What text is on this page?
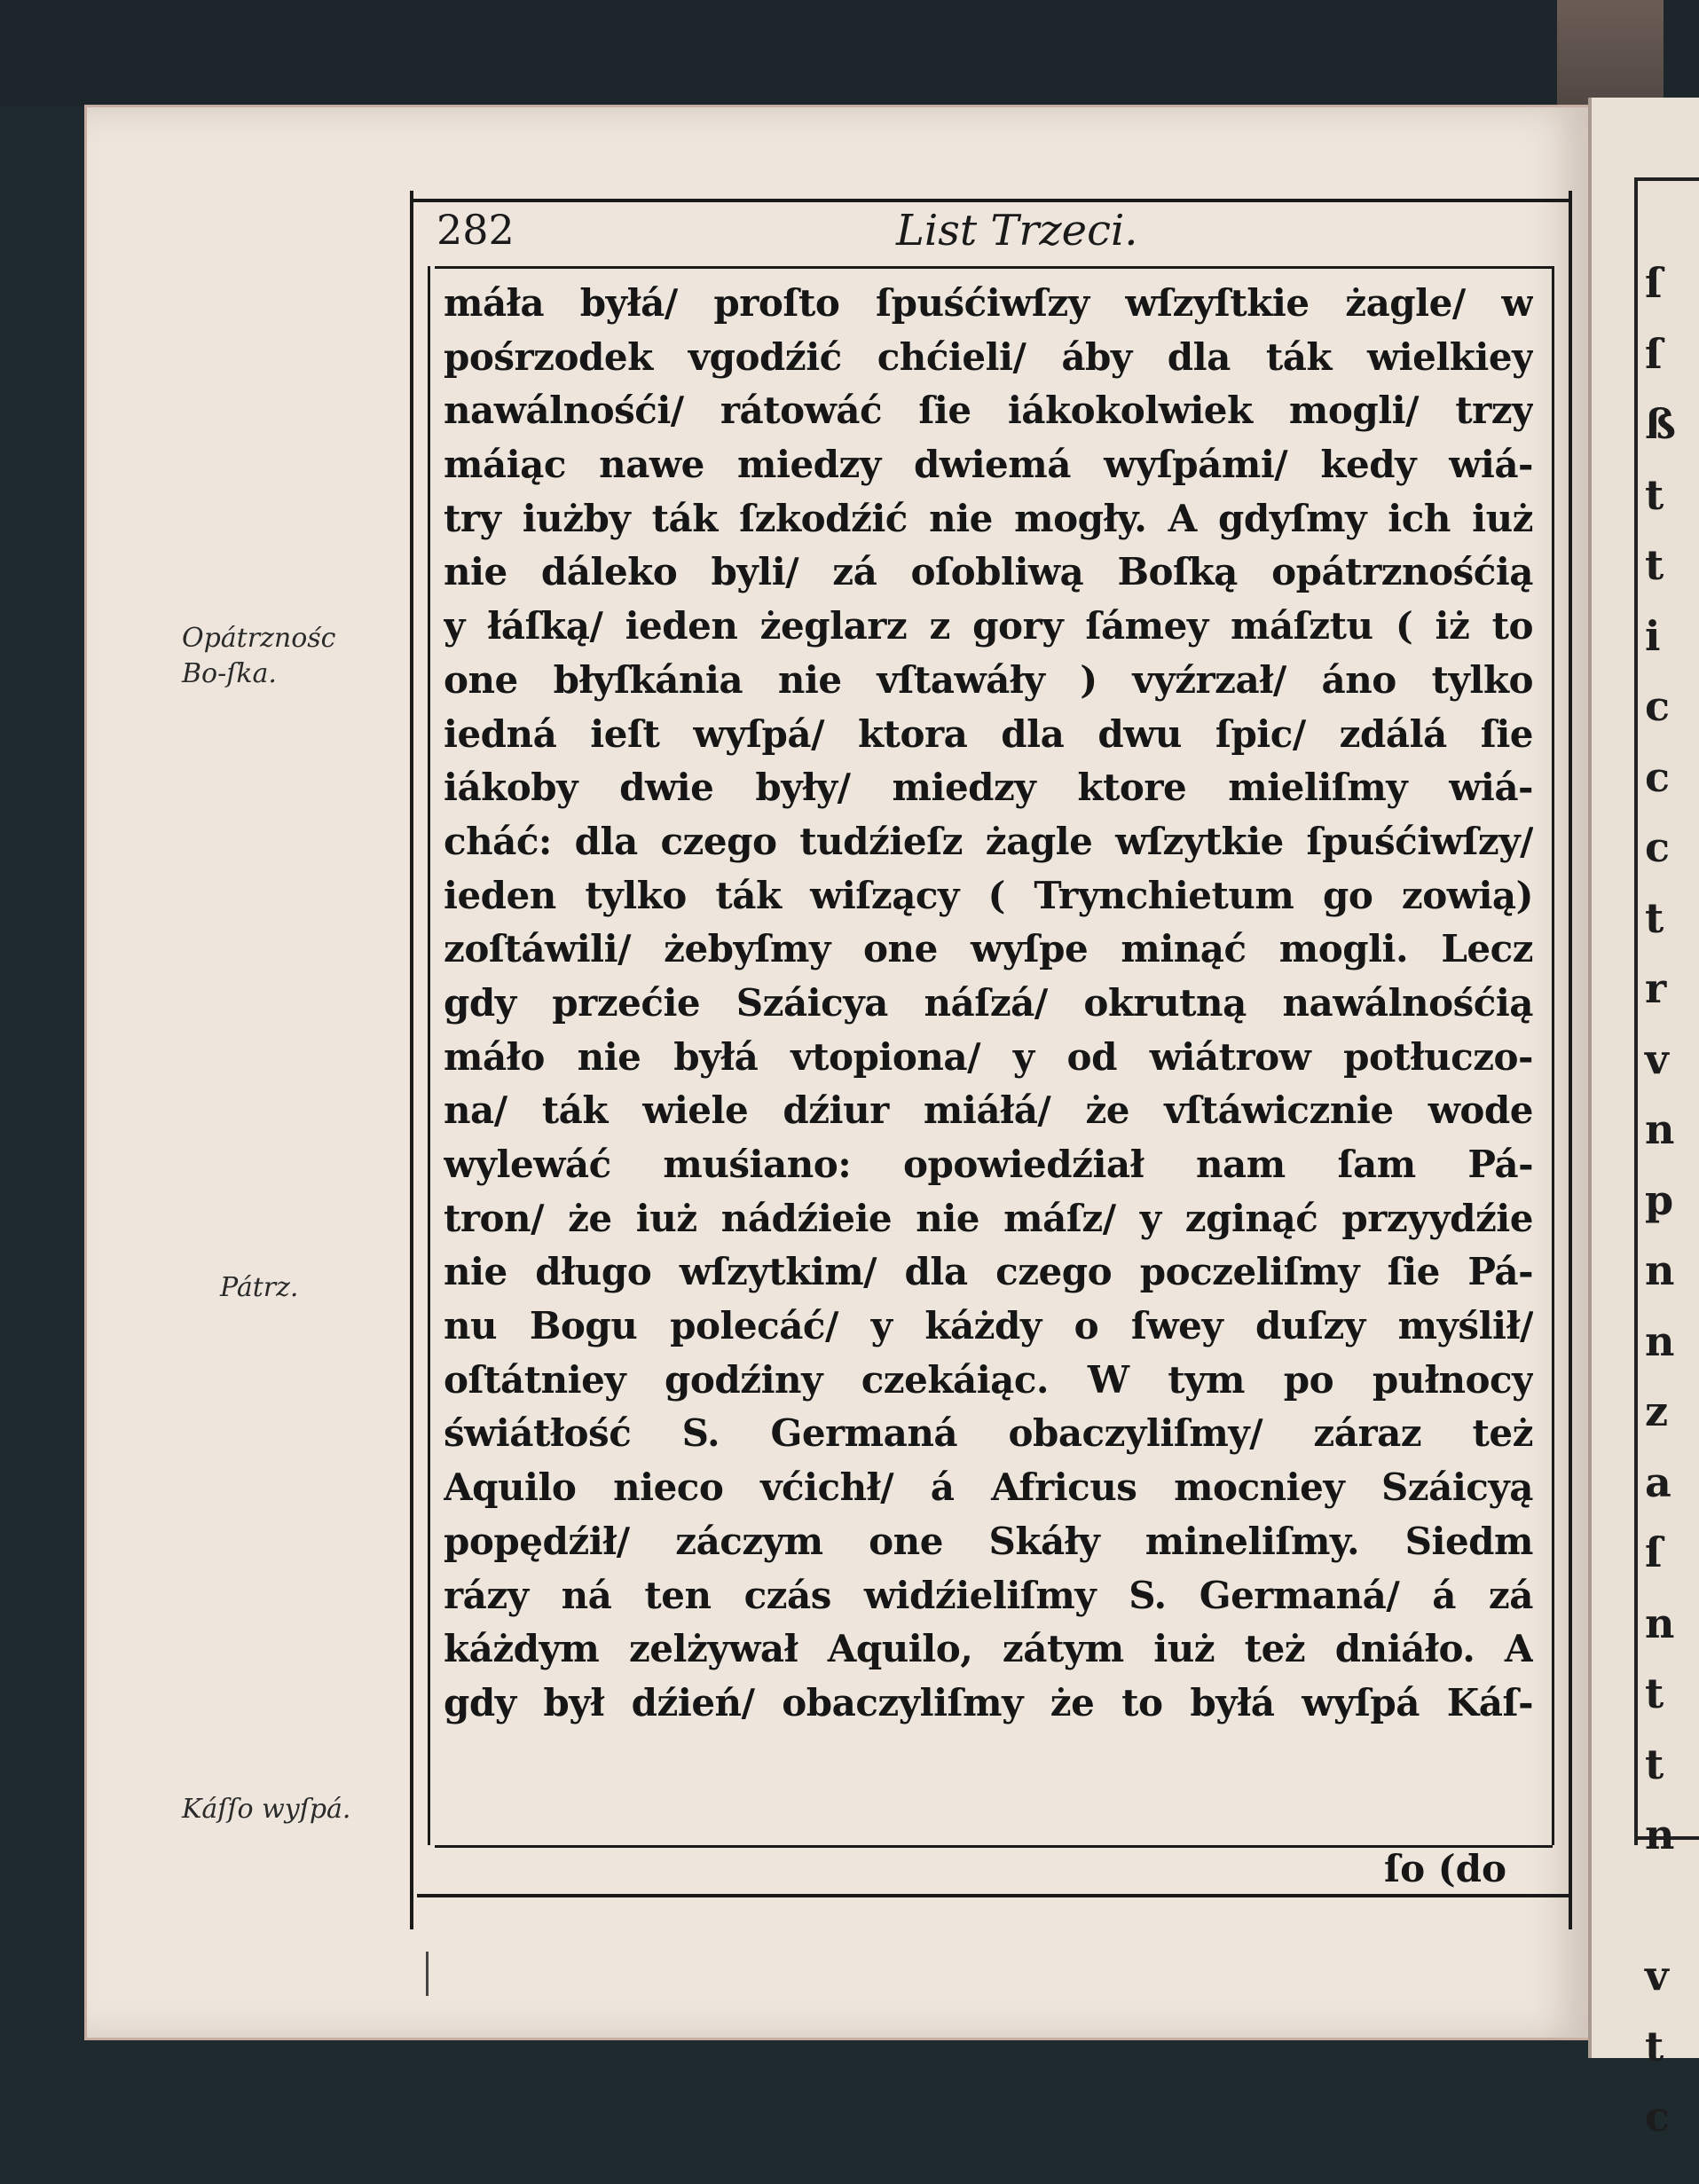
ſ
ſ
ß
t
t
i
c
c
c
t
r
v
n
p
n
n
z
a
ſ
n
t
t
n

v
t
c
282	List Trzeci.
Opátrznośc Bo-ſka.
Pátrz.
Káſſo wyſpá.
máła byłá/ proſto ſpuśćiwſzy wſzyſtkie żagle/ w
pośrzodek vgodźić chćieli/ áby dla ták wielkiey
nawálnośći/ rátowáć ſie iákokolwiek mogli/ trzy
máiąc nawe miedzy dwiemá wyſpámi/ kedy wiá-
try iużby ták ſzkodźić nie mogły. A gdyſmy ich iuż
nie dáleko byli/ zá oſobliwą Boſką opátrznośćią
y łáſką/ ieden żeglarz z gory ſámey máſztu ( iż to
one błyſkánia nie vſtawáły ) vyźrzał/ áno tylko
iedná ieſt wyſpá/ ktora dla dwu ſpic/ zdálá ſie
iákoby dwie były/ miedzy ktore mieliſmy wiá-
cháć: dla czego tudźieſz żagle wſzytkie ſpuśćiwſzy/
ieden tylko ták wiſzący ( Trynchietum go zowią)
zoſtáwili/ żebyſmy one wyſpe minąć mogli. Lecz
gdy przećie Száicya náſzá/ okrutną nawálnośćią
máło nie byłá vtopiona/ y od wiátrow potłuczo-
na/ ták wiele dźiur miáłá/ że vſtáwicznie wode
wylewáć muśiano: opowiedźiał nam ſam Pá-
tron/ że iuż nádźieie nie máſz/ y zginąć przyydźie
nie długo wſzytkim/ dla czego poczeliſmy ſie Pá-
nu Bogu polecáć/ y káżdy o ſwey duſzy myślił/
oſtátniey godźiny czekáiąc. W tym po pułnocy
świátłość S. Germaná obaczyliſmy/ záraz też
Aquilo nieco vćichł/ á Africus mocniey Száicyą
popędźił/ záczym one Skáły mineliſmy. Siedm
rázy ná ten czás widźieliſmy S. Germaná/ á zá
káżdym zelżywał Aquilo, zátym iuż też dniáło. A
gdy był dźień/ obaczyliſmy że to byłá wyſpá Káſ-
ſo (do
